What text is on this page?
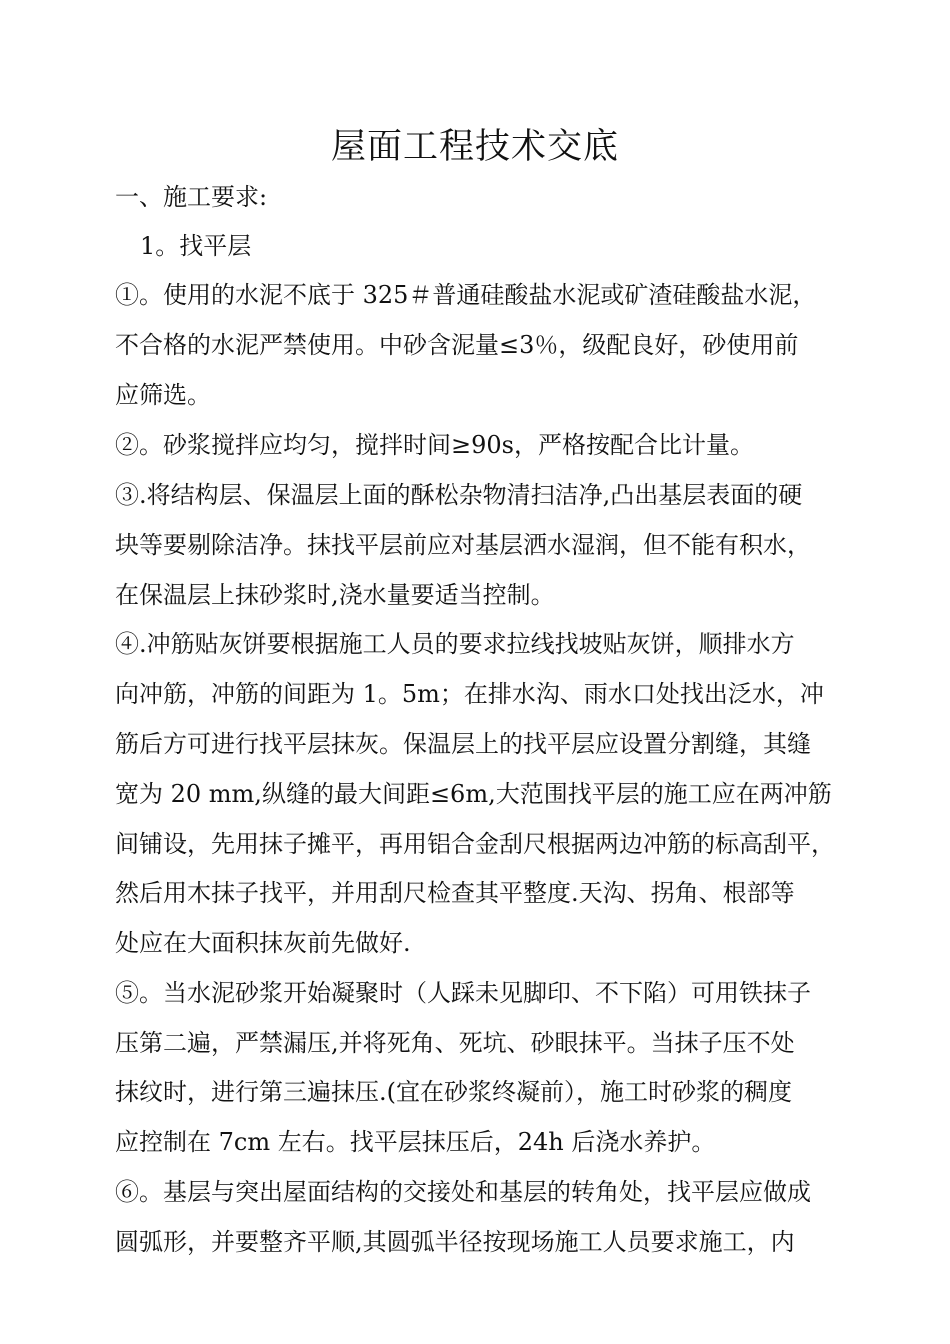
屋面工程技术交底
一、施工要求:
1。找平层
①。使用的水泥不底于 325＃普通硅酸盐水泥或矿渣硅酸盐水泥，
不合格的水泥严禁使用。中砂含泥量≤3％，级配良好，砂使用前
应筛选。
②。砂浆搅拌应均匀，搅拌时间≥90s，严格按配合比计量。
③.将结构层、保温层上面的酥松杂物清扫洁净,凸出基层表面的硬
块等要剔除洁净。抹找平层前应对基层洒水湿润，但不能有积水，
在保温层上抹砂浆时,浇水量要适当控制。
④.冲筋贴灰饼要根据施工人员的要求拉线找坡贴灰饼，顺排水方
向冲筋，冲筋的间距为 1。5m；在排水沟、雨水口处找出泛水，冲
筋后方可进行找平层抹灰。保温层上的找平层应设置分割缝，其缝
宽为 20 mm,纵缝的最大间距≤6m,大范围找平层的施工应在两冲筋
间铺设，先用抹子摊平，再用铝合金刮尺根据两边冲筋的标高刮平，
然后用木抹子找平，并用刮尺检查其平整度.天沟、拐角、根部等
处应在大面积抹灰前先做好.
⑤。当水泥砂浆开始凝聚时（人踩未见脚印、不下陷）可用铁抹子
压第二遍，严禁漏压,并将死角、死坑、砂眼抹平。当抹子压不处
抹纹时，进行第三遍抹压.(宜在砂浆终凝前），施工时砂浆的稠度
应控制在 7cm 左右。找平层抹压后，24h 后浇水养护。
⑥。基层与突出屋面结构的交接处和基层的转角处，找平层应做成
圆弧形，并要整齐平顺,其圆弧半径按现场施工人员要求施工，内
